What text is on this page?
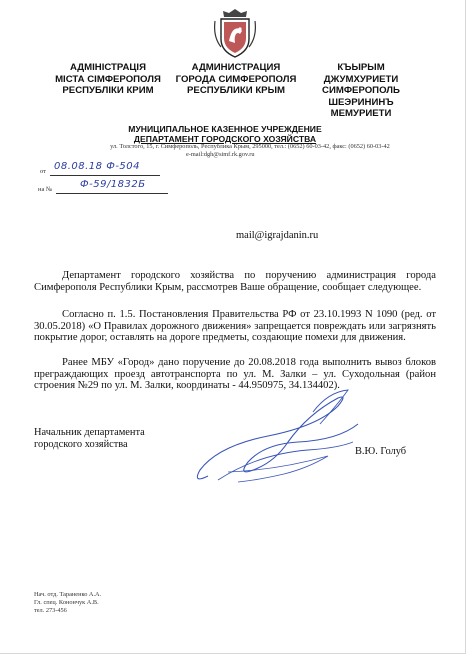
АДМІНІСТРАЦІЯ
МІСТА СІМФЕРОПОЛЯ
РЕСПУБЛІКИ КРИМ
АДМИНИСТРАЦИЯ
ГОРОДА СИМФЕРОПОЛЯ
РЕСПУБЛИКИ КРЫМ
КЪЫРЫМ ДЖУМХУРИЕТИ
СИМФЕРОПОЛЬ
ШЕЭРИНИНЪ
МЕМУРИЕТИ
МУНИЦИПАЛЬНОЕ КАЗЕННОЕ УЧРЕЖДЕНИЕ
ДЕПАРТАМЕНТ ГОРОДСКОГО ХОЗЯЙСТВА
ул. Толстого, 15, г. Симферополь, Республика Крым, 295000, тел.: (0652) 60-03-42, факс: (0652) 60-03-42
e-mail:dgh@simf.rk.gov.ru
от 08.08.18 Ф-504
на №	Ф-59/1832Б
mail@igrajdanin.ru
Департамент городского хозяйства по поручению администрация города Симферополя Республики Крым, рассмотрев Ваше обращение, сообщает следующее.
Согласно п. 1.5. Постановления Правительства РФ от 23.10.1993 N 1090 (ред. от 30.05.2018) «О Правилах дорожного движения» запрещается повреждать или загрязнять покрытие дорог, оставлять на дороге предметы, создающие помехи для движения.
Ранее МБУ «Город» дано поручение до 20.08.2018 года выполнить вывоз блоков преграждающих проезд автотранспорта по ул. М. Залки – ул. Суходольная (район строения №29 по ул. М. Залки, координаты - 44.950975, 34.134402).
Начальник департамента
городского хозяйства
В.Ю. Голуб
Нач. отд. Тараненко А.А.
Гл. спец. Конончук А.В.
тел. 273-456
